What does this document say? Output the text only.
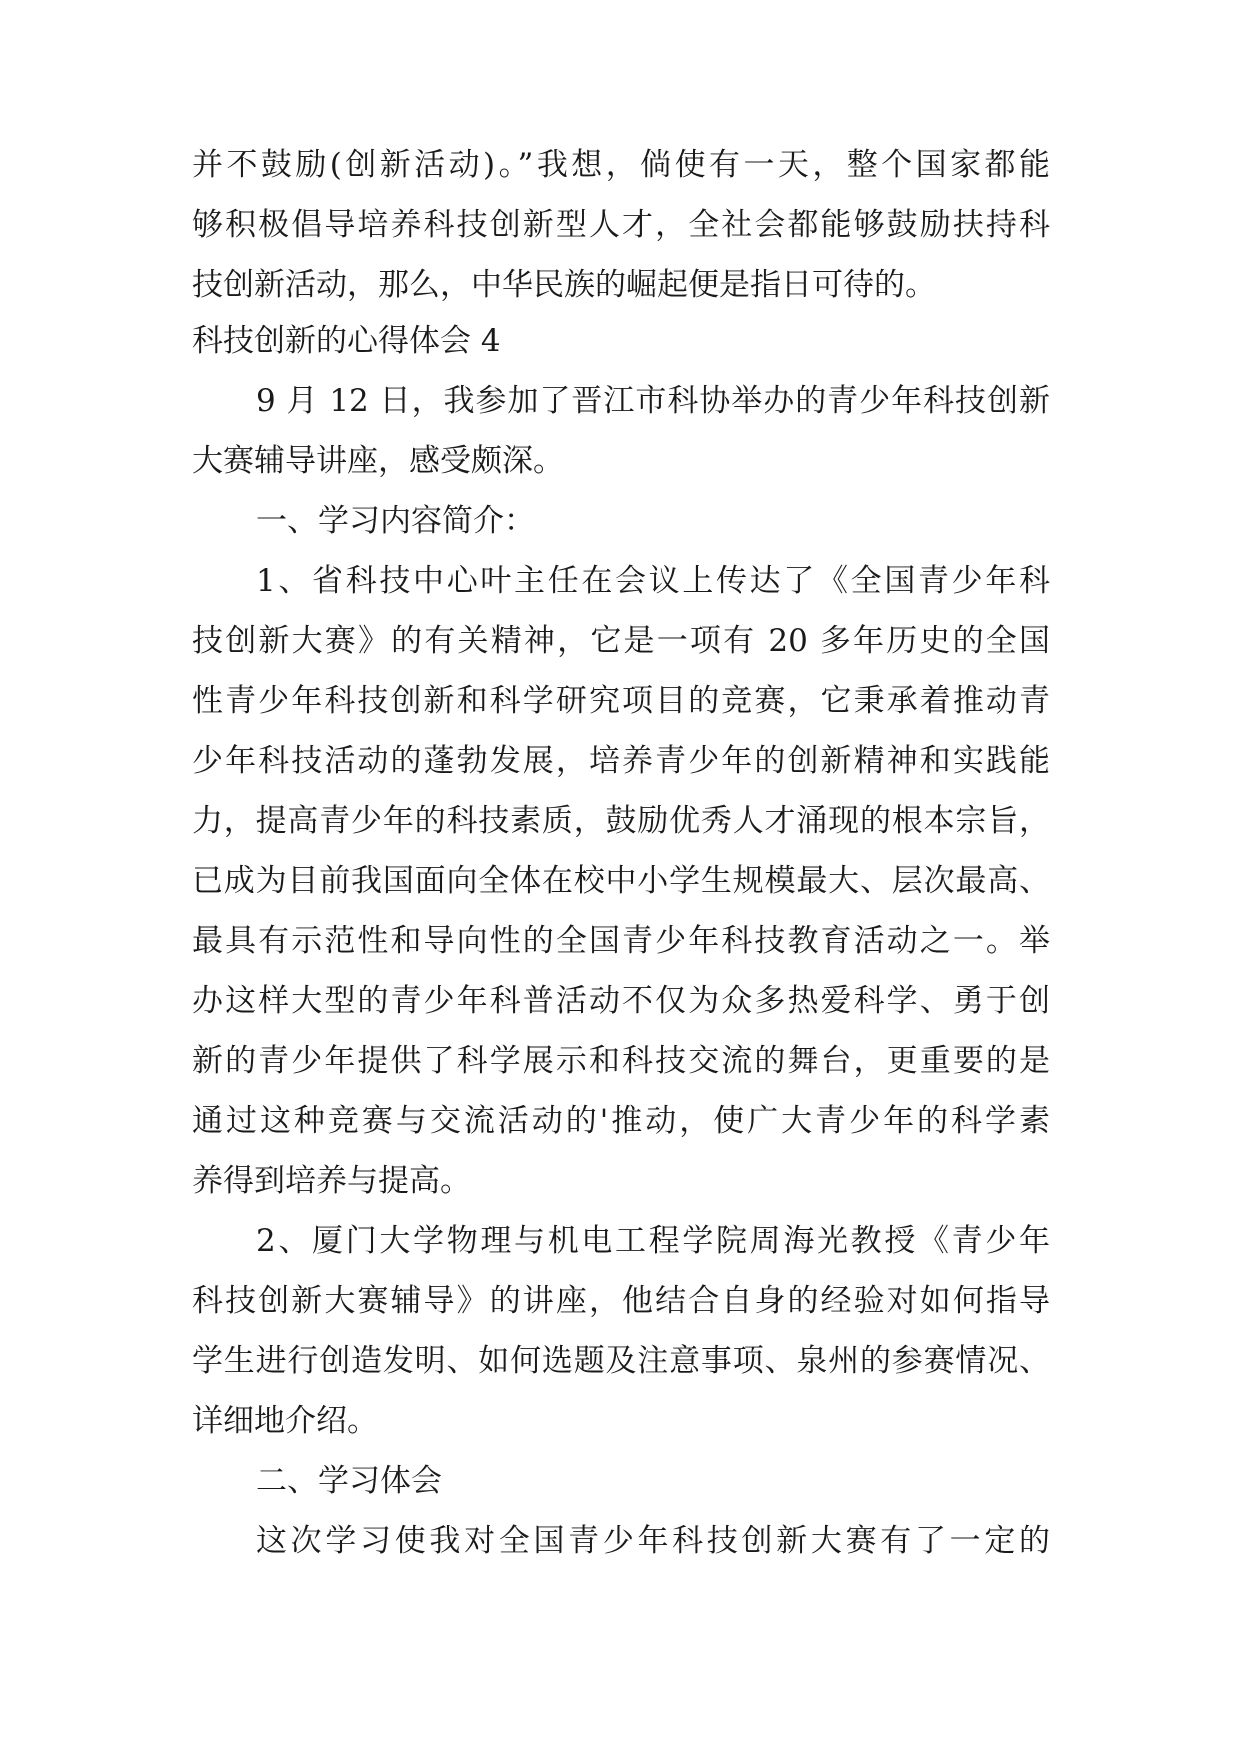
并不鼓励(创新活动)。”我想，倘使有一天，整个国家都能
够积极倡导培养科技创新型人才，全社会都能够鼓励扶持科
技创新活动，那么，中华民族的崛起便是指日可待的。
科技创新的心得体会 4
9 月 12 日，我参加了晋江市科协举办的青少年科技创新
大赛辅导讲座，感受颇深。
一、学习内容简介：
1、省科技中心叶主任在会议上传达了《全国青少年科
技创新大赛》的有关精神，它是一项有 20 多年历史的全国
性青少年科技创新和科学研究项目的竞赛，它秉承着推动青
少年科技活动的蓬勃发展，培养青少年的创新精神和实践能
力，提高青少年的科技素质，鼓励优秀人才涌现的根本宗旨，
已成为目前我国面向全体在校中小学生规模最大、层次最高、
最具有示范性和导向性的全国青少年科技教育活动之一。举
办这样大型的青少年科普活动不仅为众多热爱科学、勇于创
新的青少年提供了科学展示和科技交流的舞台，更重要的是
通过这种竞赛与交流活动的'推动，使广大青少年的科学素
养得到培养与提高。
2、厦门大学物理与机电工程学院周海光教授《青少年
科技创新大赛辅导》的讲座，他结合自身的经验对如何指导
学生进行创造发明、如何选题及注意事项、泉州的参赛情况、
详细地介绍。
二、学习体会
这次学习使我对全国青少年科技创新大赛有了一定的
